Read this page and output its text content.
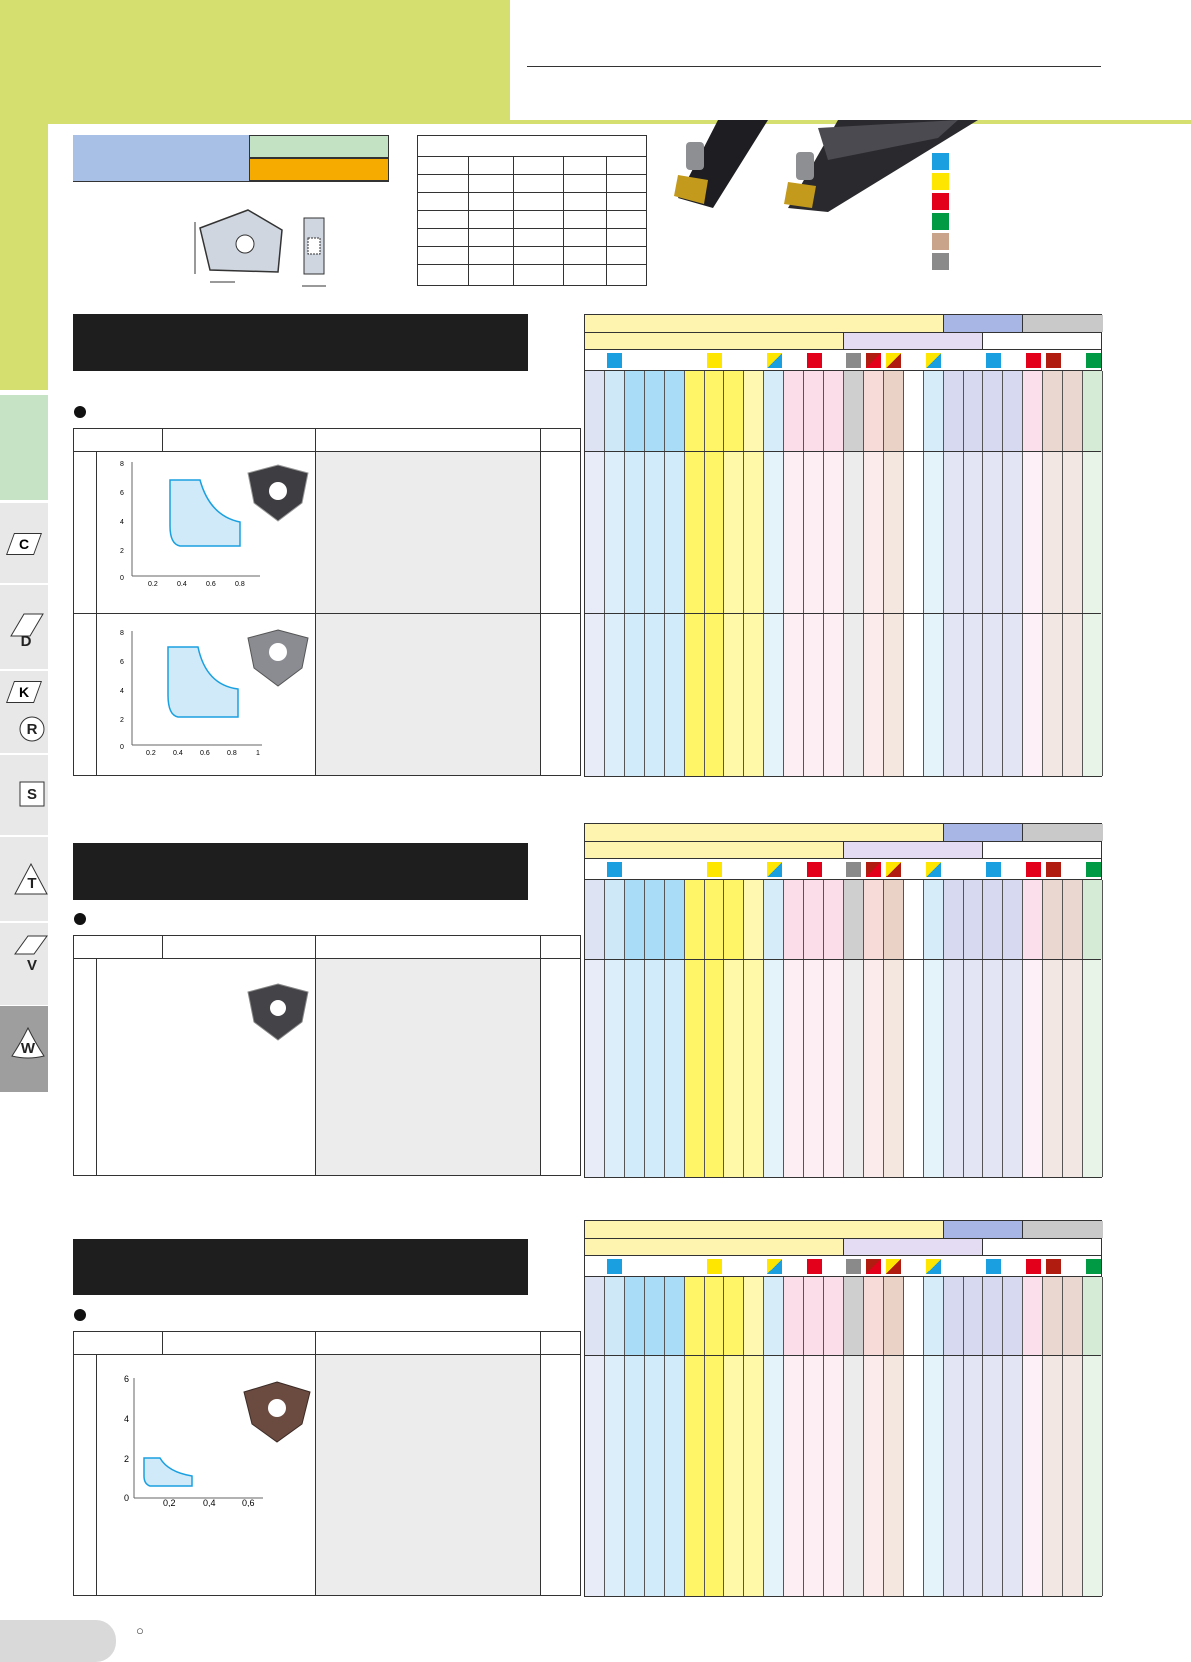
C
D
K
R
S
T
V
W
8
6
4
2
0
0,2	0,4	0,6	0,8
8
6
4
2
0
0,2 0,4 0,6 0,8	1
6
4
2
0	0,2	0,4	0,6
○
